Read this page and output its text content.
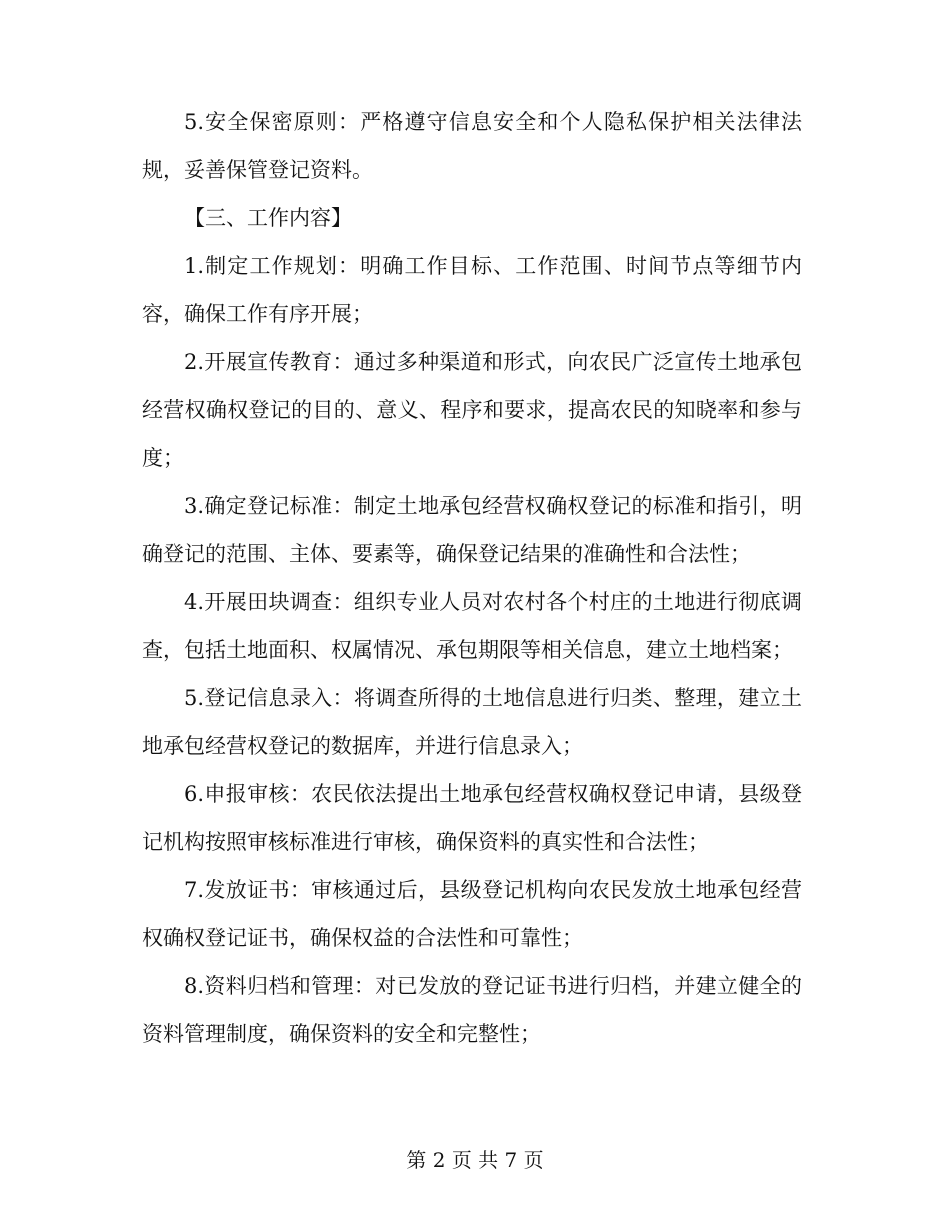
5.安全保密原则：严格遵守信息安全和个人隐私保护相关法律法规，妥善保管登记资料。

【三、工作内容】

1.制定工作规划：明确工作目标、工作范围、时间节点等细节内容，确保工作有序开展；

2.开展宣传教育：通过多种渠道和形式，向农民广泛宣传土地承包经营权确权登记的目的、意义、程序和要求，提高农民的知晓率和参与度；

3.确定登记标准：制定土地承包经营权确权登记的标准和指引，明确登记的范围、主体、要素等，确保登记结果的准确性和合法性；

4.开展田块调查：组织专业人员对农村各个村庄的土地进行彻底调查，包括土地面积、权属情况、承包期限等相关信息，建立土地档案；

5.登记信息录入：将调查所得的土地信息进行归类、整理，建立土地承包经营权登记的数据库，并进行信息录入；

6.申报审核：农民依法提出土地承包经营权确权登记申请，县级登记机构按照审核标准进行审核，确保资料的真实性和合法性；

7.发放证书：审核通过后，县级登记机构向农民发放土地承包经营权确权登记证书，确保权益的合法性和可靠性；

8.资料归档和管理：对已发放的登记证书进行归档，并建立健全的资料管理制度，确保资料的安全和完整性；

第 2 页 共 7 页
